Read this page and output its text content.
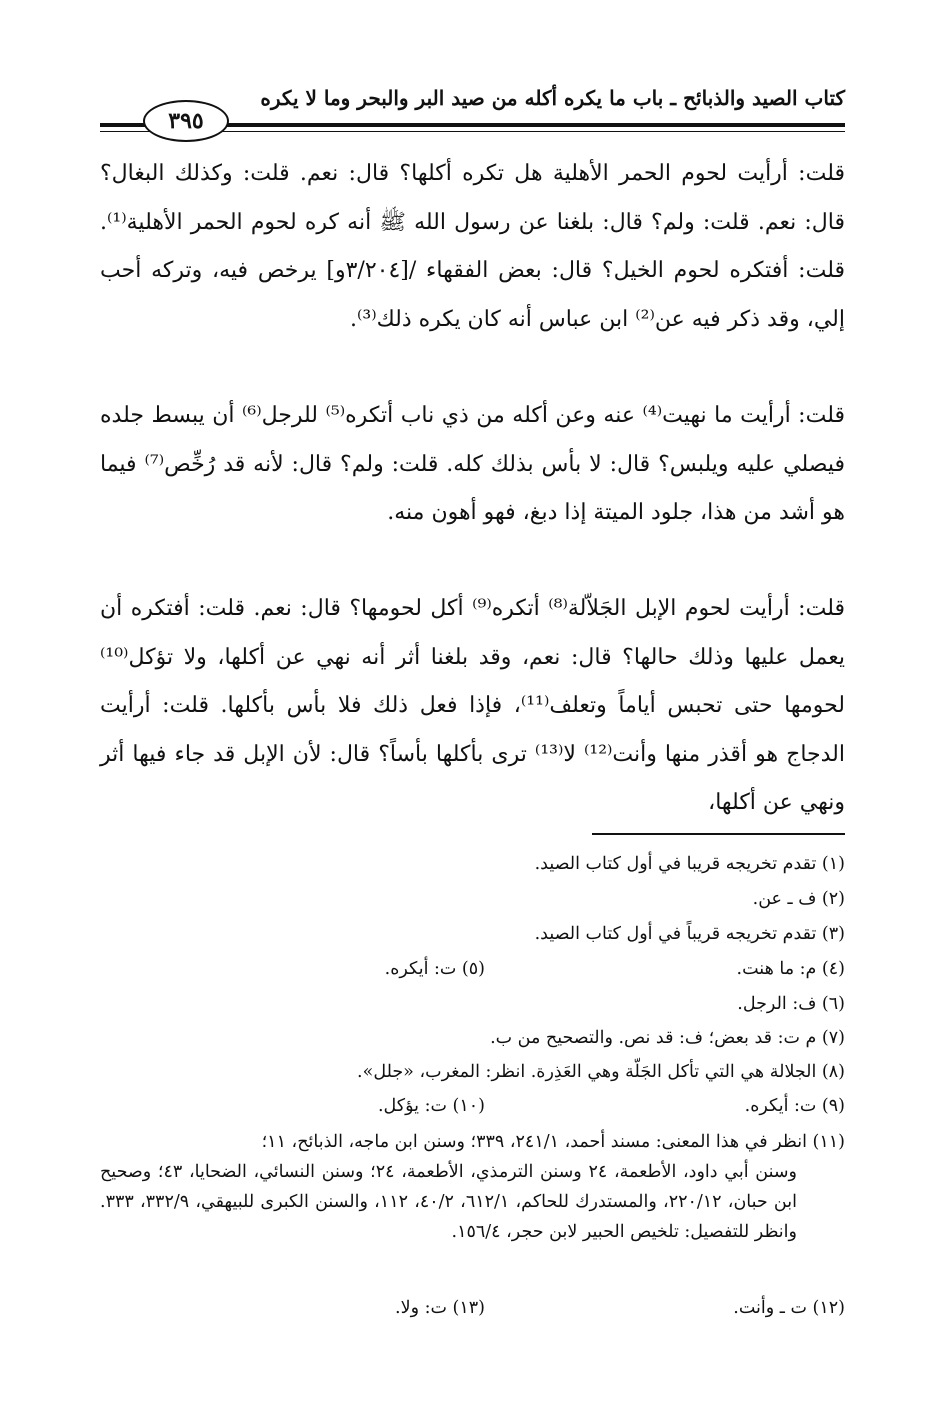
كتاب الصيد والذبائح ـ باب ما يكره أكله من صيد البر والبحر وما لا يكره
٣٩٥

قلت: أرأيت لحوم الحمر الأهلية هل تكره أكلها؟ قال: نعم. قلت: وكذلك البغال؟ قال: نعم. قلت: ولم؟ قال: بلغنا عن رسول الله ﷺ أنه كره لحوم الحمر الأهلية⁽¹⁾. قلت: أفتكره لحوم الخيل؟ قال: بعض الفقهاء /[٣/٢٠٤و] يرخص فيه، وتركه أحب إلي، وقد ذكر فيه عن⁽²⁾ ابن عباس أنه كان يكره ذلك⁽³⁾.

قلت: أرأيت ما نهيت⁽⁴⁾ عنه وعن أكله من ذي ناب أتكره⁽⁵⁾ للرجل⁽⁶⁾ أن يبسط جلده فيصلي عليه ويلبس؟ قال: لا بأس بذلك كله. قلت: ولم؟ قال: لأنه قد رُخِّص⁽⁷⁾ فيما هو أشد من هذا، جلود الميتة إذا دبغ، فهو أهون منه.

قلت: أرأيت لحوم الإبل الجَلاّلة⁽⁸⁾ أتكره⁽⁹⁾ أكل لحومها؟ قال: نعم. قلت: أفتكره أن يعمل عليها وذلك حالها؟ قال: نعم، وقد بلغنا أثر أنه نهي عن أكلها، ولا تؤكل⁽¹⁰⁾ لحومها حتى تحبس أياماً وتعلف⁽¹¹⁾، فإذا فعل ذلك فلا بأس بأكلها. قلت: أرأيت الدجاج هو أقذر منها وأنت⁽¹²⁾ لا⁽¹³⁾ ترى بأكلها بأساً؟ قال: لأن الإبل قد جاء فيها أثر ونهي عن أكلها،

(١) تقدم تخريجه قريبا في أول كتاب الصيد.
(٢) ف ـ عن.
(٣) تقدم تخريجه قريباً في أول كتاب الصيد.
(٤) م: ما هنت.
(٥) ت: أيكره.
(٦) ف: الرجل.
(٧) م ت: قد بعض؛ ف: قد نص. والتصحيح من ب.
(٨) الجلالة هي التي تأكل الجَلّة وهي العَذِرة. انظر: المغرب، «جلل».
(٩) ت: أيكره.
(١٠) ت: يؤكل.
(١١) انظر في هذا المعنى: مسند أحمد، ٢٤١/١، ٣٣٩؛ وسنن ابن ماجه، الذبائح، ١١؛
وسنن أبي داود، الأطعمة، ٢٤ وسنن الترمذي، الأطعمة، ٢٤؛ وسنن النسائي، الضحايا، ٤٣؛ وصحيح ابن حبان، ٢٢٠/١٢، والمستدرك للحاكم، ٦١٢/١، ٤٠/٢، ١١٢، والسنن الكبرى للبيهقي، ٣٣٢/٩، ٣٣٣. وانظر للتفصيل: تلخيص الحبير لابن حجر، ١٥٦/٤.
(١٢) ت ـ وأنت.
(١٣) ت: ولا.
